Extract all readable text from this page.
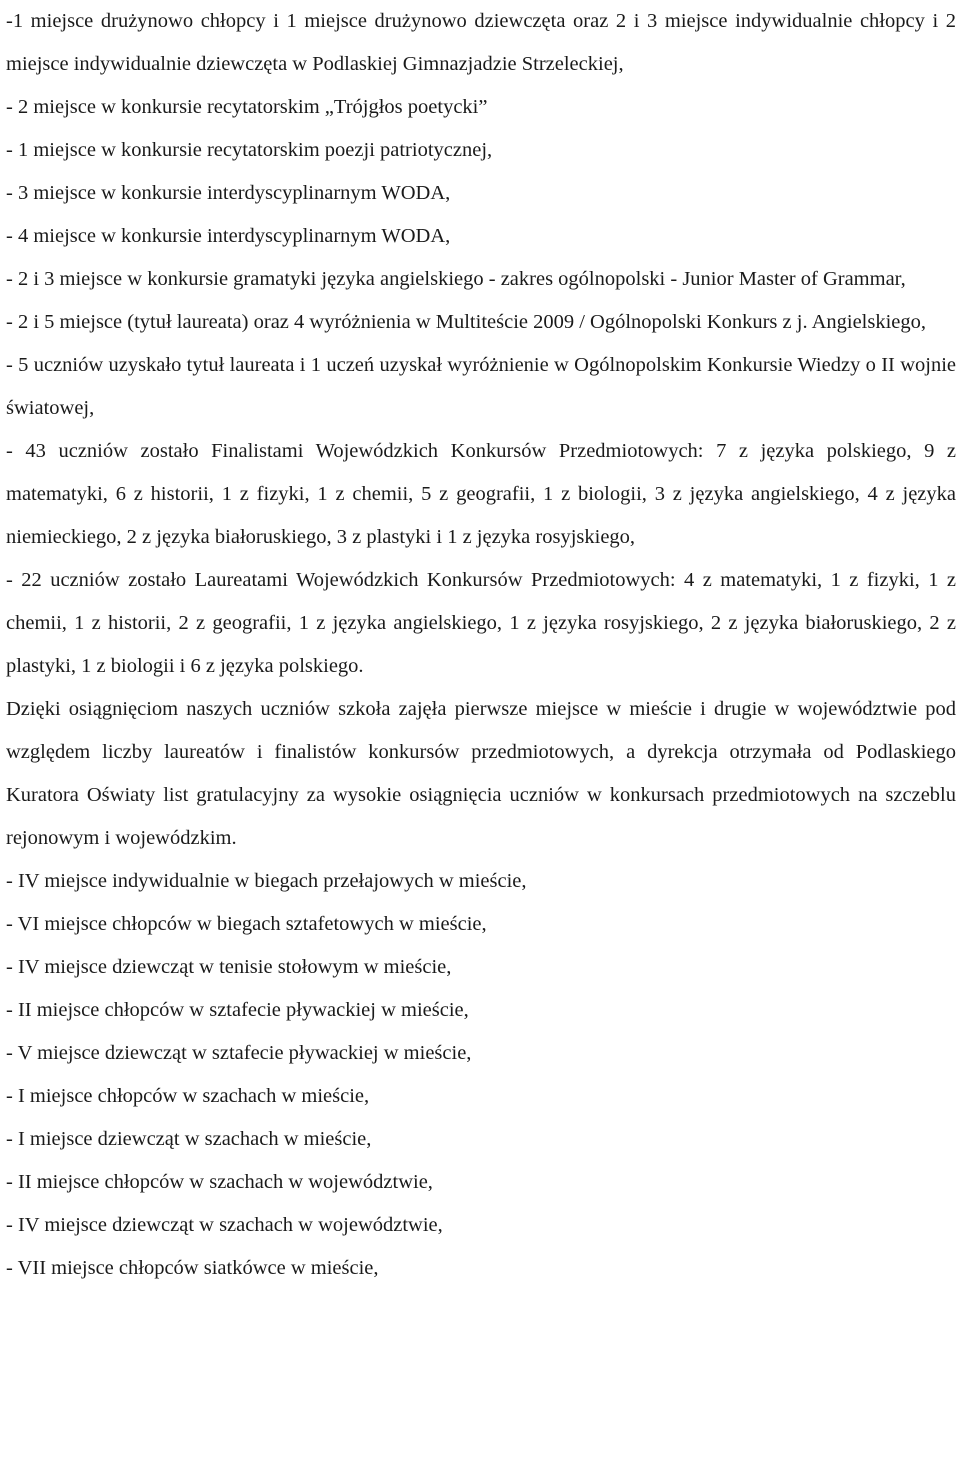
-1 miejsce drużynowo chłopcy i 1 miejsce drużynowo dziewczęta oraz 2 i 3 miejsce indywidualnie chłopcy i 2 miejsce indywidualnie dziewczęta w Podlaskiej Gimnazjadzie Strzeleckiej,

- 2 miejsce w konkursie recytatorskim „Trójgłos poetycki”

- 1 miejsce w konkursie recytatorskim poezji patriotycznej,

- 3 miejsce w konkursie interdyscyplinarnym WODA,

- 4 miejsce w konkursie interdyscyplinarnym WODA,

- 2 i 3 miejsce w konkursie gramatyki języka angielskiego - zakres ogólnopolski - Junior Master of Grammar,

- 2 i 5 miejsce (tytuł laureata) oraz 4 wyróżnienia w Multiteście 2009 / Ogólnopolski Konkurs z j. Angielskiego,

- 5 uczniów uzyskało tytuł laureata i 1 uczeń uzyskał wyróżnienie w Ogólnopolskim Konkursie Wiedzy o II wojnie światowej,

- 43 uczniów zostało Finalistami Wojewódzkich Konkursów Przedmiotowych: 7 z języka polskiego, 9 z matematyki, 6 z historii, 1 z fizyki, 1 z chemii, 5 z geografii, 1 z biologii, 3 z języka angielskiego, 4 z języka niemieckiego, 2 z języka białoruskiego, 3 z plastyki i 1 z języka rosyjskiego,

- 22 uczniów zostało Laureatami Wojewódzkich Konkursów Przedmiotowych: 4 z matematyki, 1 z fizyki, 1 z chemii, 1 z historii, 2 z geografii, 1 z języka angielskiego, 1 z języka rosyjskiego, 2 z języka białoruskiego, 2 z plastyki, 1 z biologii i 6 z języka polskiego.

Dzięki osiągnięciom naszych uczniów szkoła zajęła pierwsze miejsce w mieście i drugie w województwie pod względem liczby laureatów i finalistów konkursów przedmiotowych, a dyrekcja otrzymała od Podlaskiego Kuratora Oświaty list gratulacyjny za wysokie osiągnięcia uczniów w konkursach przedmiotowych na szczeblu rejonowym i wojewódzkim.

- IV miejsce indywidualnie w biegach przełajowych w mieście,

- VI miejsce chłopców w biegach sztafetowych w mieście,

- IV miejsce dziewcząt w tenisie stołowym w mieście,

- II miejsce chłopców w sztafecie pływackiej w mieście,

- V miejsce dziewcząt w sztafecie pływackiej w mieście,

- I miejsce chłopców w szachach w mieście,

- I miejsce dziewcząt w szachach w mieście,

- II miejsce chłopców w szachach w województwie,

- IV miejsce dziewcząt w szachach w województwie,

- VII miejsce chłopców siatkówce w mieście,
